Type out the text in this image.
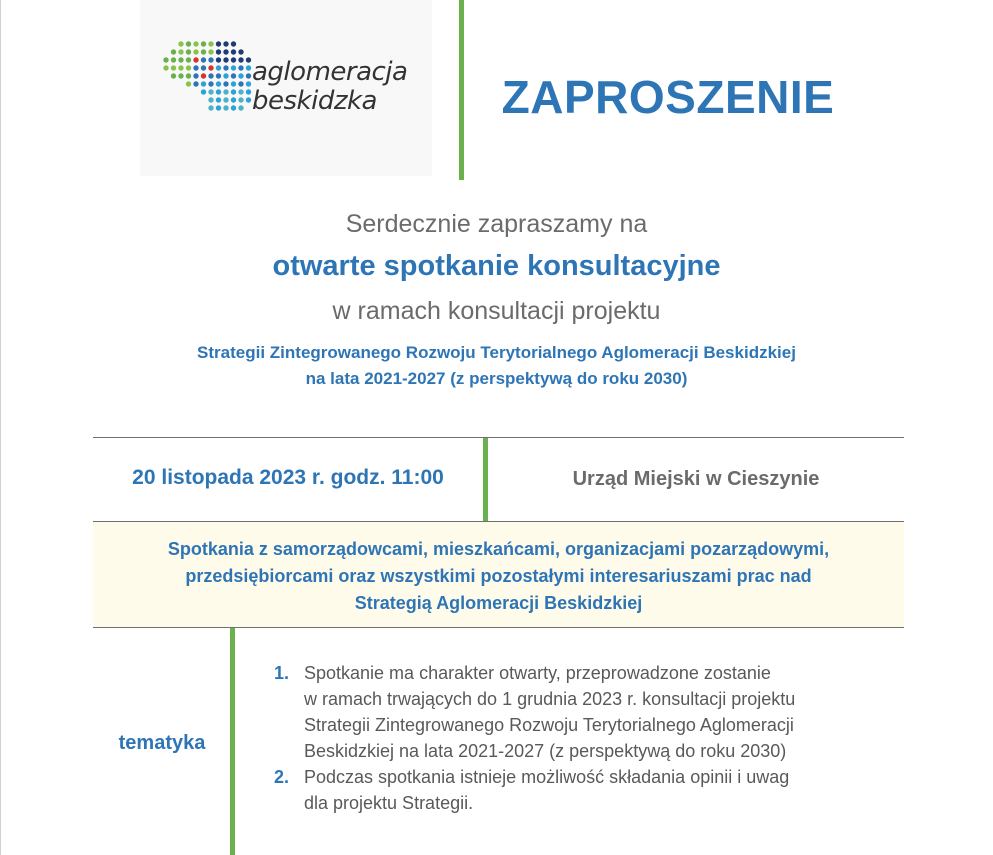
aglomeracja
beskidzka	ZAPROSZENIE
Serdecznie zapraszamy na
otwarte spotkanie konsultacyjne
w ramach konsultacji projektu
Strategii Zintegrowanego Rozwoju Terytorialnego Aglomeracji Beskidzkiej
na lata 2021-2027 (z perspektywą do roku 2030)
20 listopada 2023 r. godz. 11:00	Urząd Miejski w Cieszynie
Spotkania z samorządowcami, mieszkańcami, organizacjami pozarządowymi,
przedsiębiorcami oraz wszystkimi pozostałymi interesariuszami prac nad
Strategią Aglomeracji Beskidzkiej
tematyka
1. Spotkanie ma charakter otwarty, przeprowadzone zostanie
w ramach trwających do 1 grudnia 2023 r. konsultacji projektu
Strategii Zintegrowanego Rozwoju Terytorialnego Aglomeracji
Beskidzkiej na lata 2021-2027 (z perspektywą do roku 2030)
2. Podczas spotkania istnieje możliwość składania opinii i uwag
dla projektu Strategii.
